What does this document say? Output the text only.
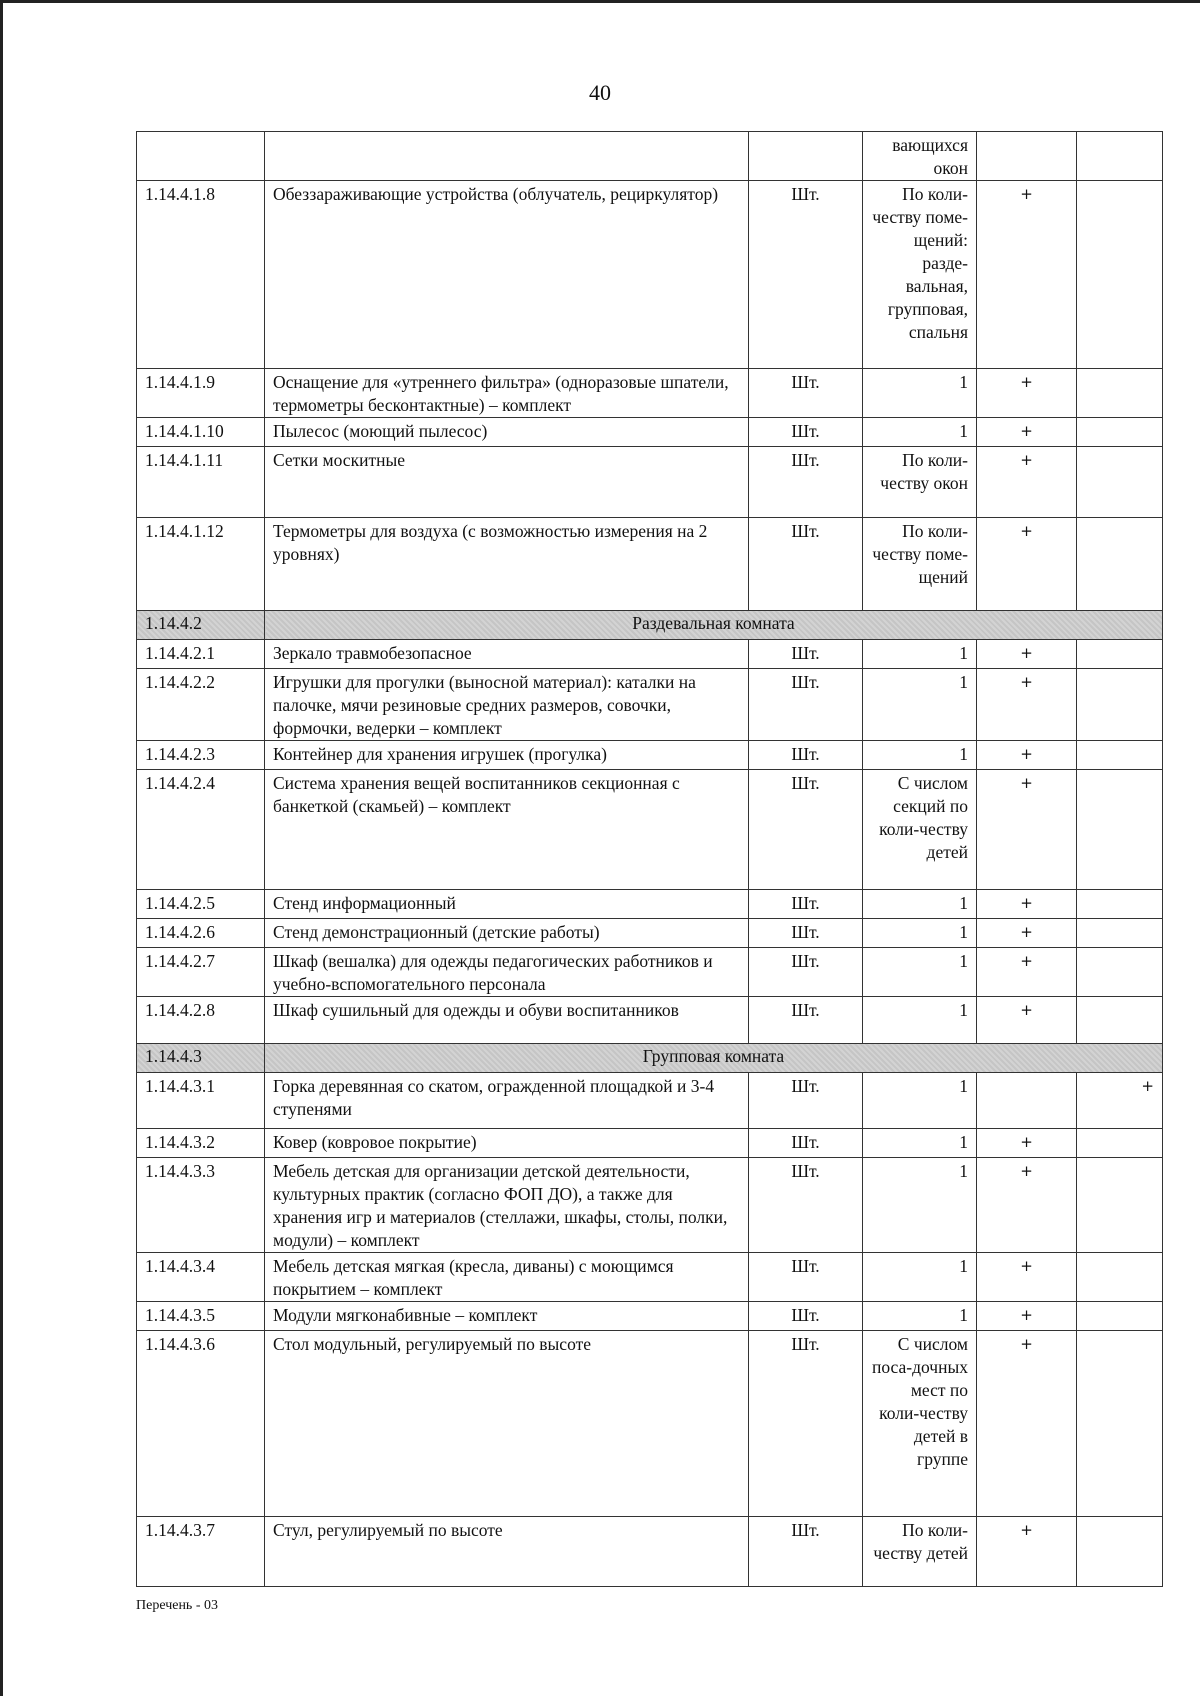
40
			вающихся окон		
1.14.4.1.8	Обеззараживающие устройства (облучатель, рециркулятор)	Шт.	По коли-честву поме-щений: разде-вальная, групповая, спальня	+	
1.14.4.1.9	Оснащение для «утреннего фильтра» (одноразовые шпатели, термометры бесконтактные) – комплект	Шт.	1	+	
1.14.4.1.10	Пылесос (моющий пылесос)	Шт.	1	+	
1.14.4.1.11	Сетки москитные	Шт.	По коли-честву окон	+	
1.14.4.1.12	Термометры для воздуха (с возможностью измерения на 2 уровнях)	Шт.	По коли-честву поме-щений	+	
1.14.4.2	Раздевальная комната				
1.14.4.2.1	Зеркало травмобезопасное	Шт.	1	+	
1.14.4.2.2	Игрушки для прогулки (выносной материал): каталки на палочке, мячи резиновые средних размеров, совочки, формочки, ведерки – комплект	Шт.	1	+	
1.14.4.2.3	Контейнер для хранения игрушек (прогулка)	Шт.	1	+	
1.14.4.2.4	Система хранения вещей воспитанников секционная с банкеткой (скамьей) – комплект	Шт.	С числом секций по коли-честву детей	+	
1.14.4.2.5	Стенд информационный	Шт.	1	+	
1.14.4.2.6	Стенд демонстрационный (детские работы)	Шт.	1	+	
1.14.4.2.7	Шкаф (вешалка) для одежды педагогических работников и учебно-вспомогательного персонала	Шт.	1	+	
1.14.4.2.8	Шкаф сушильный для одежды и обуви воспитанников	Шт.	1	+	
1.14.4.3	Групповая комната				
1.14.4.3.1	Горка деревянная со скатом, огражденной площадкой и 3-4 ступенями	Шт.	1		+
1.14.4.3.2	Ковер (ковровое покрытие)	Шт.	1	+	
1.14.4.3.3	Мебель детская для организации детской деятельности, культурных практик (согласно ФОП ДО), а также для хранения игр и материалов (стеллажи, шкафы, столы, полки, модули) – комплект	Шт.	1	+	
1.14.4.3.4	Мебель детская мягкая (кресла, диваны) с моющимся покрытием – комплект	Шт.	1	+	
1.14.4.3.5	Модули мягконабивные – комплект	Шт.	1	+	
1.14.4.3.6	Стол модульный, регулируемый по высоте	Шт.	С числом поса-дочных мест по коли-честву детей в группе	+	
1.14.4.3.7	Стул, регулируемый по высоте	Шт.	По коли-честву детей	+	
Перечень - 03
